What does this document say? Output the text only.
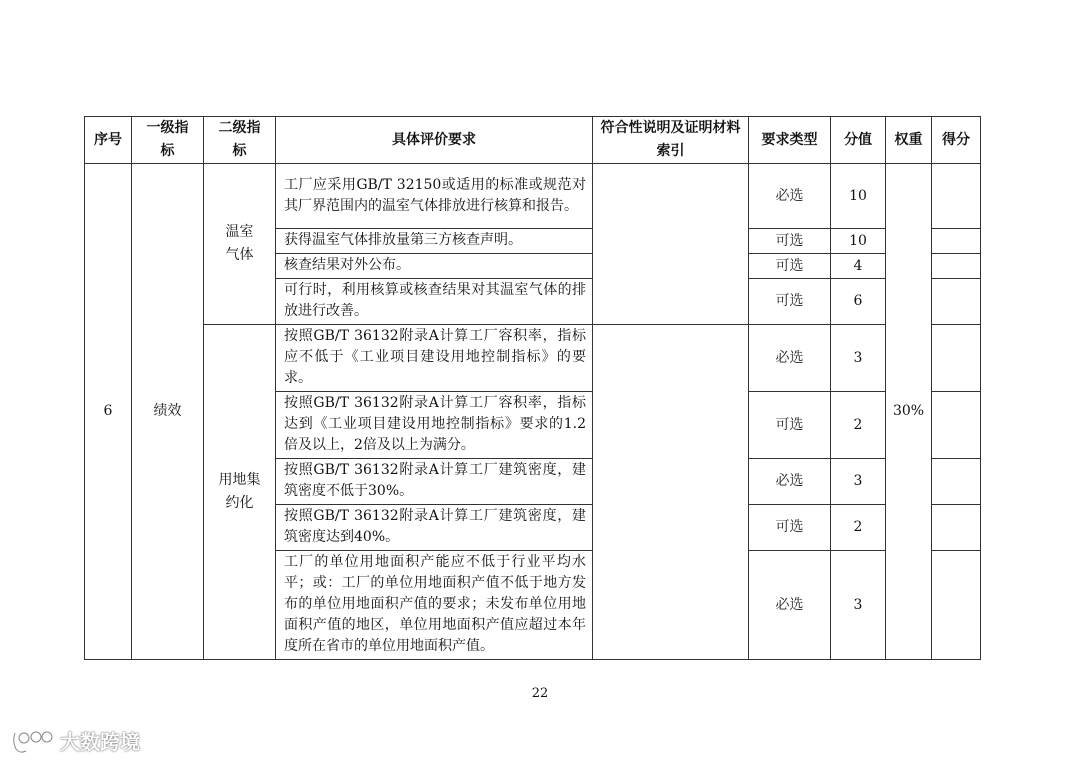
序号	一级指标	二级指标	具体评价要求	符合性说明及证明材料索引	要求类型	分值	权重	得分
6	绩效	温室气体	工厂应采用GB/T 32150或适用的标准或规范对其厂界范围内的温室气体排放进行核算和报告。		必选	10	30%	
			获得温室气体排放量第三方核查声明。		可选	10		
			核查结果对外公布。		可选	4		
			可行时，利用核算或核查结果对其温室气体的排放进行改善。		可选	6		
		用地集约化	按照GB/T 36132附录A计算工厂容积率，指标应不低于《工业项目建设用地控制指标》的要求。		必选	3		
			按照GB/T 36132附录A计算工厂容积率，指标达到《工业项目建设用地控制指标》要求的1.2倍及以上，2倍及以上为满分。		可选	2		
			按照GB/T 36132附录A计算工厂建筑密度，建筑密度不低于30%。		必选	3		
			按照GB/T 36132附录A计算工厂建筑密度，建筑密度达到40%。		可选	2		
			工厂的单位用地面积产能应不低于行业平均水平；或：工厂的单位用地面积产值不低于地方发布的单位用地面积产值的要求；未发布单位用地面积产值的地区，单位用地面积产值应超过本年度所在省市的单位用地面积产值。		必选	3		
22
大数跨境
